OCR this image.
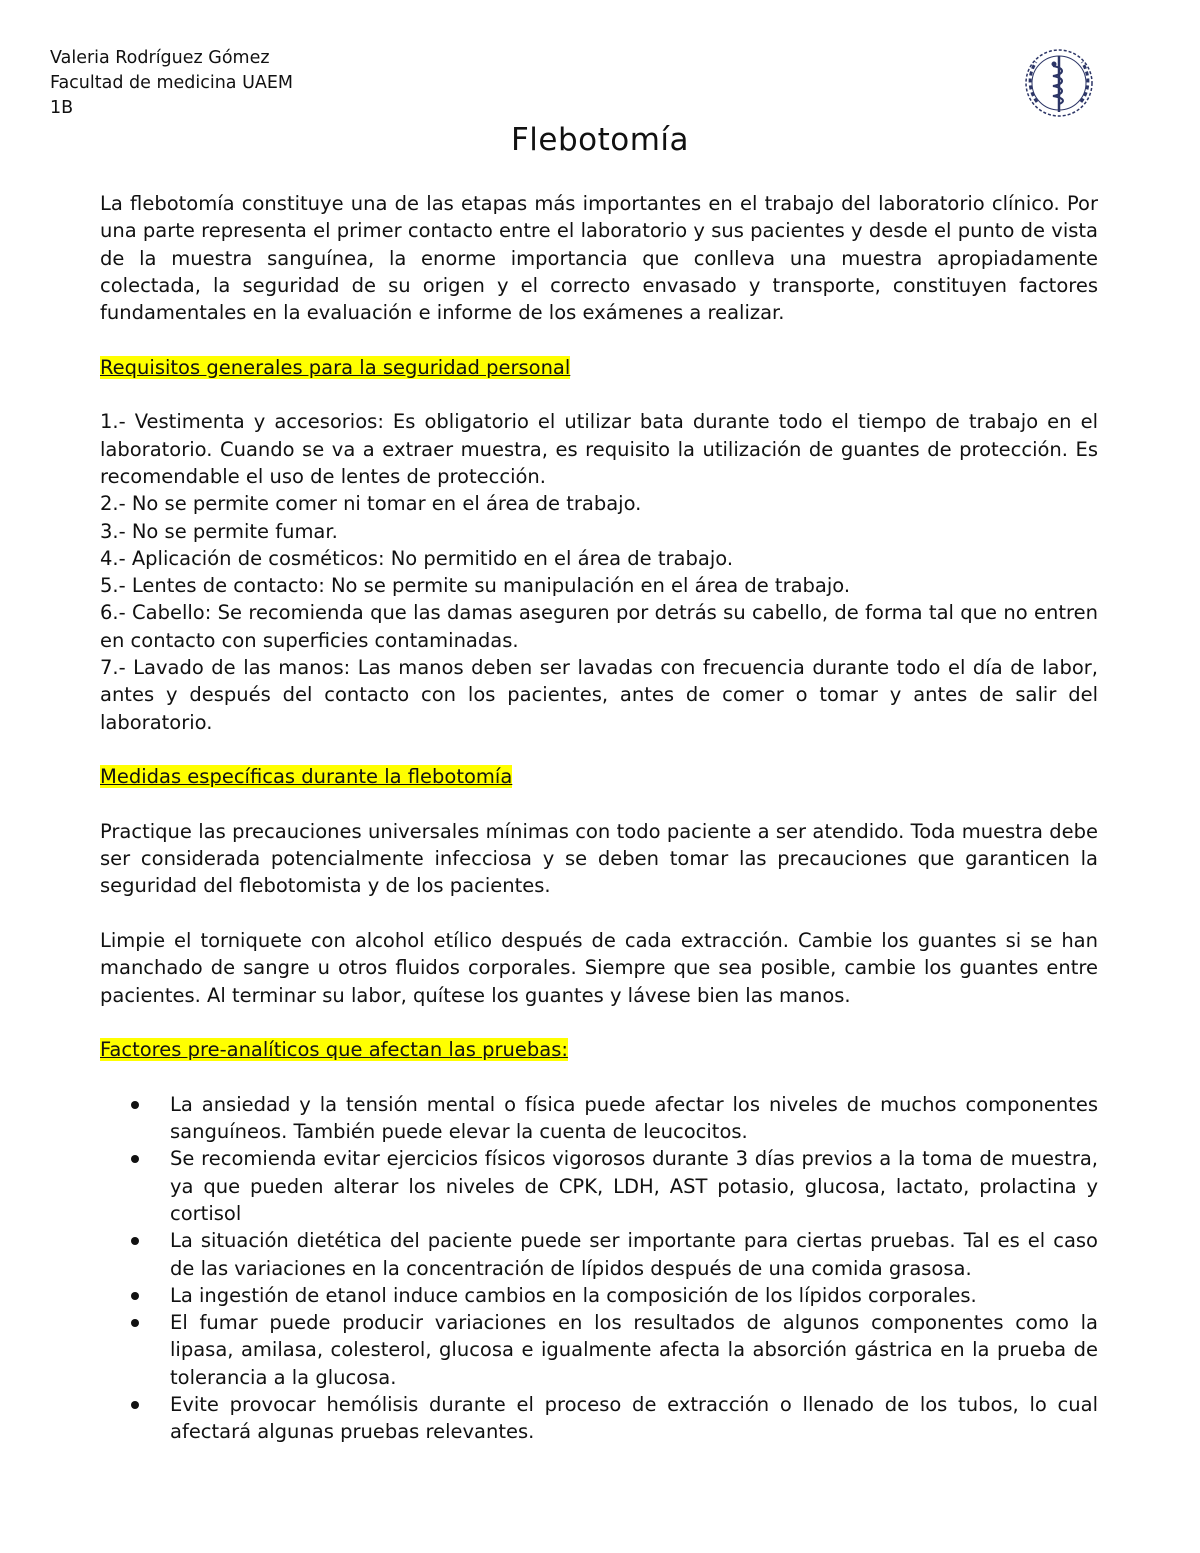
Valeria Rodríguez Gómez
Facultad de medicina UAEM
1B
Flebotomía

La flebotomía constituye una de las etapas más importantes en el trabajo del laboratorio clínico. Por una parte representa el primer contacto entre el laboratorio y sus pacientes y desde el punto de vista de la muestra sanguínea, la enorme importancia que conlleva una muestra apropiadamente colectada, la seguridad de su origen y el correcto envasado y transporte, constituyen factores fundamentales en la evaluación e informe de los exámenes a realizar.

Requisitos generales para la seguridad personal

1.- Vestimenta y accesorios: Es obligatorio el utilizar bata durante todo el tiempo de trabajo en el laboratorio. Cuando se va a extraer muestra, es requisito la utilización de guantes de protección. Es recomendable el uso de lentes de protección.

2.- No se permite comer ni tomar en el área de trabajo.

3.- No se permite fumar.

4.- Aplicación de cosméticos: No permitido en el área de trabajo.

5.- Lentes de contacto: No se permite su manipulación en el área de trabajo.

6.- Cabello: Se recomienda que las damas aseguren por detrás su cabello, de forma tal que no entren en contacto con superficies contaminadas.

7.- Lavado de las manos: Las manos deben ser lavadas con frecuencia durante todo el día de labor, antes y después del contacto con los pacientes, antes de comer o tomar y antes de salir del laboratorio.

Medidas específicas durante la flebotomía

Practique las precauciones universales mínimas con todo paciente a ser atendido. Toda muestra debe ser considerada potencialmente infecciosa y se deben tomar las precauciones que garanticen la seguridad del flebotomista y de los pacientes.

Limpie el torniquete con alcohol etílico después de cada extracción. Cambie los guantes si se han manchado de sangre u otros fluidos corporales. Siempre que sea posible, cambie los guantes entre pacientes. Al terminar su labor, quítese los guantes y lávese bien las manos.

Factores pre-analíticos que afectan las pruebas:

La ansiedad y la tensión mental o física puede afectar los niveles de muchos componentes sanguíneos. También puede elevar la cuenta de leucocitos.
Se recomienda evitar ejercicios físicos vigorosos durante 3 días previos a la toma de muestra, ya que pueden alterar los niveles de CPK, LDH, AST potasio, glucosa, lactato, prolactina y cortisol
La situación dietética del paciente puede ser importante para ciertas pruebas. Tal es el caso de las variaciones en la concentración de lípidos después de una comida grasosa.
La ingestión de etanol induce cambios en la composición de los lípidos corporales.
El fumar puede producir variaciones en los resultados de algunos componentes como la lipasa, amilasa, colesterol, glucosa e igualmente afecta la absorción gástrica en la prueba de tolerancia a la glucosa.
Evite provocar hemólisis durante el proceso de extracción o llenado de los tubos, lo cual afectará algunas pruebas relevantes.
